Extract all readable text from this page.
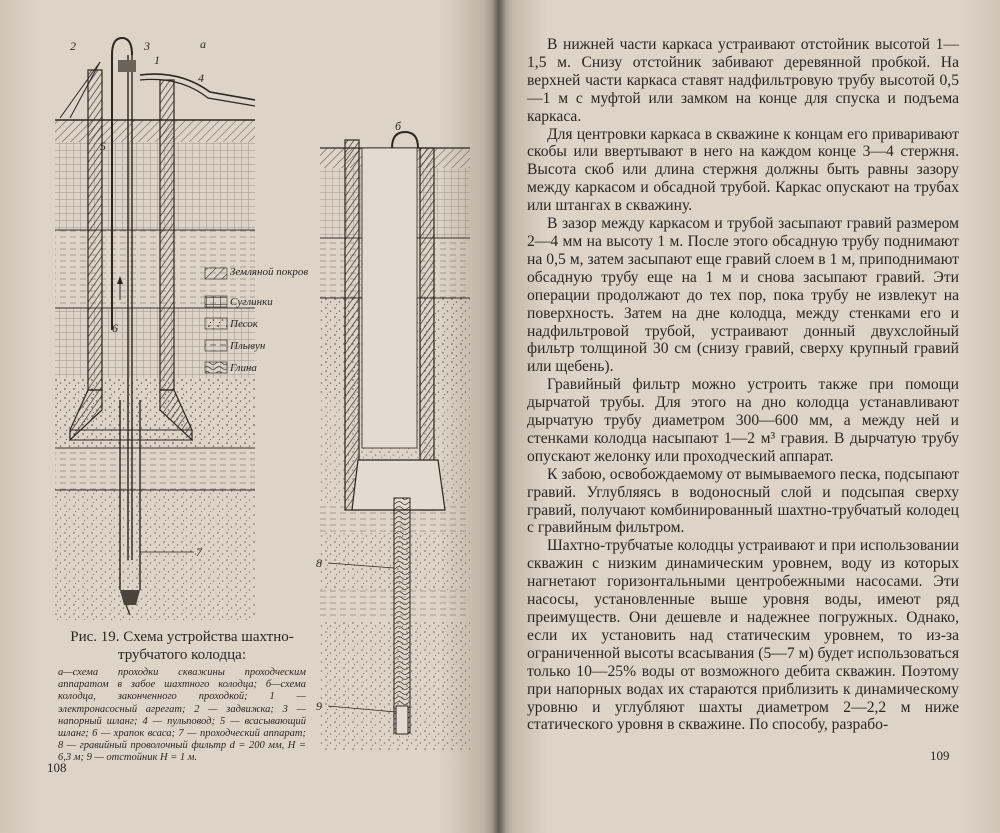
2	3
1
4
5
6
7
а
Земляной покров
Суглинки
Песок
Плывун
Глина
8
9
б
Рис. 19. Схема устройства шахтно-трубчатого колодца:
а—схема проходки скважины проходческим аппаратом в забое шахтного колодца; б—схема колодца, законченного проходкой; 1 — электронасосный агрегат; 2 — задвижка; 3 — напорный шланг; 4 — пульповод; 5 — всасывающий шланг; 6 — храпок всаса; 7 — проходческий аппарат; 8 — гравийный проволочный фильтр d = 200 мм, H = 6,3 м; 9 — отстойник H = 1 м.
108

В нижней части каркаса устраивают отстойник высотой 1—1,5 м. Снизу отстойник забивают деревянной пробкой. На верхней части каркаса ставят надфильтровую трубу высотой 0,5—1 м с муфтой или замком на конце для спуска и подъема каркаса.

Для центровки каркаса в скважине к концам его приваривают скобы или ввертывают в него на каждом конце 3—4 стержня. Высота скоб или длина стержня должны быть равны зазору между каркасом и обсадной трубой. Каркас опускают на трубах или штангах в скважину.

В зазор между каркасом и трубой засыпают гравий размером 2—4 мм на высоту 1 м. После этого обсадную трубу поднимают на 0,5 м, затем засыпают еще гравий слоем в 1 м, приподнимают обсадную трубу еще на 1 м и снова засыпают гравий. Эти операции продолжают до тех пор, пока трубу не извлекут на поверхность. Затем на дне колодца, между стенками его и надфильтровой трубой, устраивают донный двухслойный фильтр толщиной 30 см (снизу гравий, сверху крупный гравий или щебень).

Гравийный фильтр можно устроить также при помощи дырчатой трубы. Для этого на дно колодца устанавливают дырчатую трубу диаметром 300—600 мм, а между ней и стенками колодца насыпают 1—2 м³ гравия. В дырчатую трубу опускают желонку или проходческий аппарат.

К забою, освобождаемому от вымываемого песка, подсыпают гравий. Углубляясь в водоносный слой и подсыпая сверху гравий, получают комбинированный шахтно-трубчатый колодец с гравийным фильтром.

Шахтно-трубчатые колодцы устраивают и при использовании скважин с низким динамическим уровнем, воду из которых нагнетают горизонтальными центробежными насосами. Эти насосы, установленные выше уровня воды, имеют ряд преимуществ. Они дешевле и надежнее погружных. Однако, если их установить над статическим уровнем, то из-за ограниченной высоты всасывания (5—7 м) будет использоваться только 10—25% воды от возможного дебита скважин. Поэтому при напорных водах их стараются приблизить к динамическому уровню и углубляют шахты диаметром 2—2,2 м ниже статического уровня в скважине. По способу, разрабо-

109
